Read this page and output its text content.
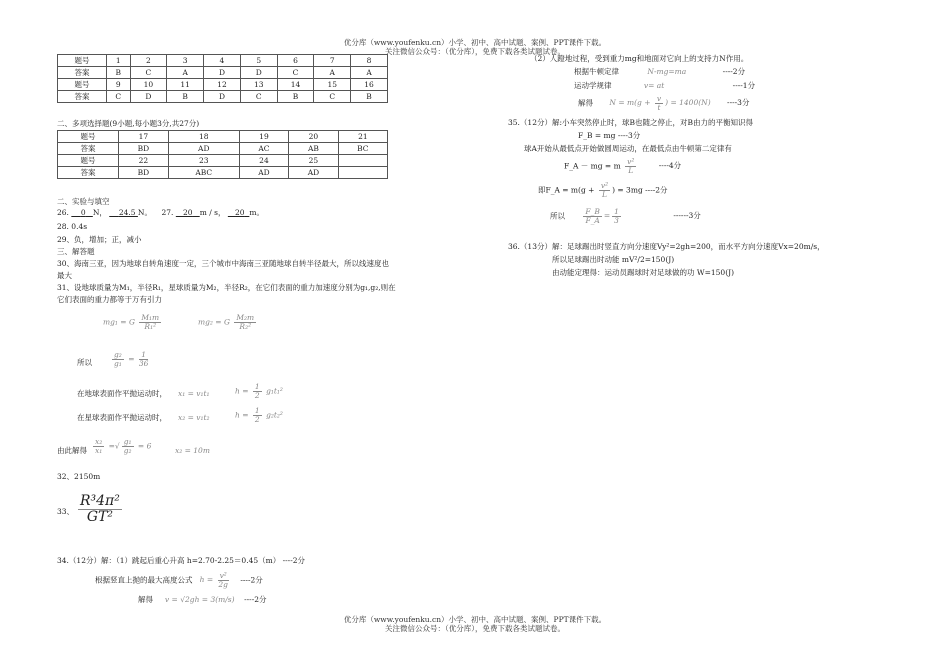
优分库（www.youfenku.cn）小学、初中、高中试题、案例、PPT课件下载。
关注微信公众号：（优分库），免费下载各类试题试卷。
题号	1	2	3	4	5	6	7	8
答案	B	C	A	D	D	C	A	A
题号	9	10	11	12	13	14	15	16
答案	C	D	B	D	C	B	C	B
二、多项选择题(9小题,每小题3分,共27分)
题号	17	18	19	20	21
答案	BD	AD	AC	AB	BC
题号	22	23	24	25	
答案	BD	ABC	AD	AD	
二、实验与填空
26. 0 N， 24.5 N。 27. 20 m / s， 20 m。
28. 0.4s
29、负，增加；正，减小
三、解答题
30、海南三亚，因为地球自转角速度一定，三个城市中海南三亚随地球自转半径最大，所以线速度也
最大
31、设地球质量为M₁，半径R₁，星球质量为M₂，半径R₂，在它们表面的重力加速度分别为g₁,g₂,则在
它们表面的重力都等于万有引力
mg₁ = G $\frac{\text{M₁m}}{\text{R₁²}}$	mg₂ = G $\frac{\text{M₂m}}{\text{R₂²}}$
所以	$\frac{\text{g₂}}{\text{g₁}} = \frac{1}{36}$
在地球表面作平抛运动时， x₁ = v₁t₁	$h = \frac{1}{2} g_1t_1^2$
在星球表面作平抛运动时， x₂ = v₁t₂	$h = \frac{1}{2} g_2t_2^2$
由此解得 $\frac{\text{x₂}}{\text{x₁}}$ =√ $\frac{\text{g₁}}{\text{g₂}} = 6$
x₂ = 10m
32、2150m
33、 $\frac{\text{R³4π²}}{\text{GT²}}$
34.（12分）解：（1）跳起后重心升高 h=2.70-2.25＝0.45（m） ----2分
根据竖直上抛的最大高度公式 $h = \frac{\text{v²}}{2g} ----2$分
解得 v = √2gh = 3(m/s) ----2分
（2）人蹬地过程，受到重力mg和地面对它向上的支持力N作用。
根据牛顿定律	N-mg=ma	----2分
运动学规律	v= at	----1分
解得 $N = m(g + \frac{v}{t}$ ) = 1400(N) ----3分
35.（12分）解:小车突然停止时，球B也随之停止，对B由力的平衡知识得
F_B = mg ----3分
球A开始从最低点开始做圆周运动，在最低点由牛顿第二定律有
F_A － mg = m $\frac{\text{v²}}{L}$	----4分
即F_A = $m(g + \frac{\text{v²}}{L}$ ) = 3mg ----2分
所以 $\frac{F\_B}{F\_A} = \frac{1}{3}$	------3分
36.（13分）解：足球踢出时竖直方向分速度Vy²=2gh=200，而水平方向分速度Vx=20m/s，
所以足球踢出时动能 mV²/2=150(J)
由动能定理得：运动员踢球时对足球做的功 W=150(J)
优分库（www.youfenku.cn）小学、初中、高中试题、案例、PPT课件下载。
关注微信公众号：（优分库），免费下载各类试题试卷。
